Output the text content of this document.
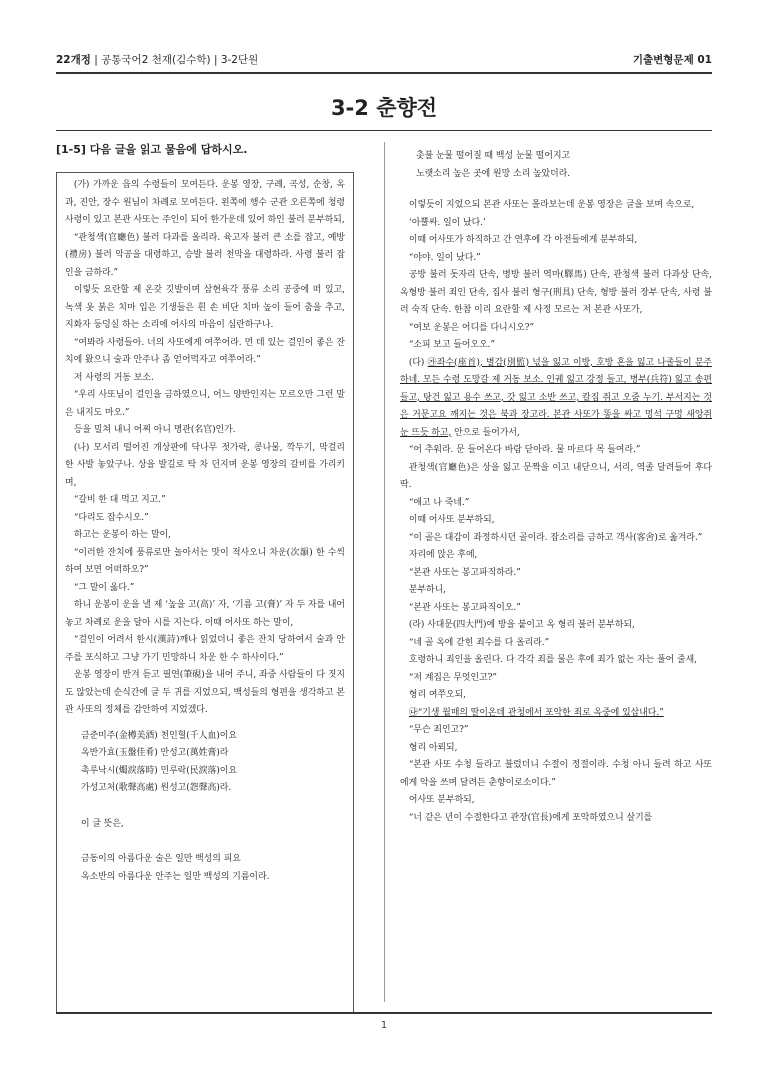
22개정 | 공통국어2 천재(김수학) | 3-2단원	기출변형문제 01
3-2 춘향전
[1-5] 다음 글을 읽고 물음에 답하시오.

(가) 가까운 읍의 수령들이 모여든다. 운봉 영장, 구례, 곡성, 순창, 옥과, 진안, 장수 원님이 차례로 모여든다. 왼쪽에 행수 군관 오른쪽에 청령 사령이 있고 본관 사또는 주인이 되어 한가운데 있어 하인 불러 분부하되,

“관청색(官廳色) 불러 다과를 올리라. 육고자 불러 큰 소를 잡고, 예방(禮房) 불러 악공을 대령하고, 승발 불러 천막을 대령하라. 사령 불러 잡인을 금하라.”

이렇듯 요란할 제 온갖 깃발이며 삼현육각 풍류 소리 공중에 떠 있고, 녹색 옷 붉은 치마 입은 기생들은 흰 손 비단 치마 높이 들어 춤을 추고, 지화자 둥덩실 하는 소리에 어사의 마음이 심란하구나.

“여봐라 사령들아. 너의 사또에게 여쭈어라. 먼 데 있는 걸인이 좋은 잔치에 왔으니 술과 안주나 좀 얻어먹자고 여쭈어라.”

저 사령의 거동 보소.

“우리 사또님이 걸인을 금하였으니, 어느 양반인지는 모르오만 그런 말은 내지도 마오.”

등을 밀쳐 내니 어찌 아니 명관(名官)인가.

(나) 모서리 떨어진 개상판에 닥나무 젓가락, 콩나물, 깍두기, 막걸리 한 사발 놓았구나. 상을 발길로 탁 차 던지며 운봉 영장의 갈비를 가리키며,

“갈비 한 대 먹고 지고.”

“다리도 잡수시오.”

하고는 운봉이 하는 말이,

“이러한 잔치에 풍류로만 놀아서는 맛이 적사오니 차운(次韻) 한 수씩 하여 보면 어떠하오?”

“그 말이 옳다.”

하니 운봉이 운을 낼 제 ‘높을 고(高)’ 자, ‘기름 고(膏)’ 자 두 자를 내어놓고 차례로 운을 달아 시를 지는다. 이때 어사또 하는 말이,

“걸인이 어려서 한시(漢詩)깨나 읽었더니 좋은 잔치 당하여서 술과 안주를 포식하고 그냥 가기 민망하니 차운 한 수 하사이다.”

운봉 영장이 반겨 듣고 필연(筆硯)을 내어 주니, 좌중 사람들이 다 짓지도 않았는데 순식간에 글 두 귀를 지었으되, 백성들의 형편을 생각하고 본관 사또의 정체를 감안하여 지었겠다.

금준미주(金樽美酒) 천인혈(千人血)이요
옥반가효(玉盤佳肴) 만성고(萬姓膏)라
촉루낙시(燭淚落時) 민루락(民淚落)이요
가성고처(歌聲高處) 원성고(怨聲高)라.
이 글 뜻은,
금동이의 아름다운 술은 일만 백성의 피요
옥소반의 아름다운 안주는 일만 백성의 기름이라.
촛불 눈물 떨어질 때 백성 눈물 떨어지고
노랫소리 높은 곳에 원망 소리 높았더라.

이렇듯이 지었으되 본관 사또는 몰라보는데 운봉 영장은 글을 보며 속으로,

‘아뿔싸. 일이 났다.’

이때 어사또가 하직하고 간 연후에 각 아전들에게 분부하되,

“야야. 일이 났다.”

공방 불러 돗자리 단속, 병방 불러 역마(驛馬) 단속, 관청색 불러 다과상 단속, 옥형방 불러 죄인 단속, 집사 불러 형구(刑具) 단속, 형방 불러 장부 단속, 사령 불러 숙직 단속. 한참 이리 요란할 제 사정 모르는 저 본관 사또가,

“여보 운봉은 어디를 다니시오?”

“소피 보고 들어오오.”

(다) ㉮좌수(座首), 별감(別監) 넋을 잃고 이방, 호방 혼을 잃고 나졸들이 분주하네. 모든 수령 도망갈 제 거동 보소. 인궤 잃고 강정 들고, 병부(兵符) 잃고 송편 들고, 탕건 잃고 용수 쓰고, 갓 잃고 소반 쓰고, 칼집 쥐고 오줌 누기. 부서지는 것은 거문고요 깨지는 것은 북과 장고라. 본관 사또가 똥을 싸고 멍석 구멍 새앙쥐 눈 뜨듯 하고, 안으로 들어가서,

“어 추워라. 문 들어온다 바람 닫아라. 물 마르다 목 들여라.”

관청색(官廳色)은 상을 잃고 문짝을 이고 내닫으니, 서리, 역졸 달려들어 후다딱.

“애고 나 죽네.”

이때 어사또 분부하되,

“이 골은 대감이 좌정하시던 골이라. 잡소리를 금하고 객사(客舍)로 옮겨라.”

자리에 앉은 후에,

“본관 사또는 봉고파직하라.”

분부하니,

“본관 사또는 봉고파직이오.”

(라) 사대문(四大門)에 방을 붙이고 옥 형리 불러 분부하되,

“네 골 옥에 갇힌 죄수를 다 올리라.”

호령하니 죄인을 올린다. 다 각각 죄를 물은 후에 죄가 없는 자는 풀어 줄새,

“저 계집은 무엇인고?”

형리 여쭈오되,

㉯“기생 월매의 딸이온데 관청에서 포악한 죄로 옥중에 있삽내다.”

“무슨 죄인고?”

형리 아뢰되,

“본관 사또 수청 들라고 불렀더니 수절이 정절이라. 수청 아니 들려 하고 사또에게 악을 쓰며 달려든 춘향이로소이다.”

어사또 분부하되,

“너 같은 년이 수절한다고 관장(官長)에게 포악하였으니 살기를

1
